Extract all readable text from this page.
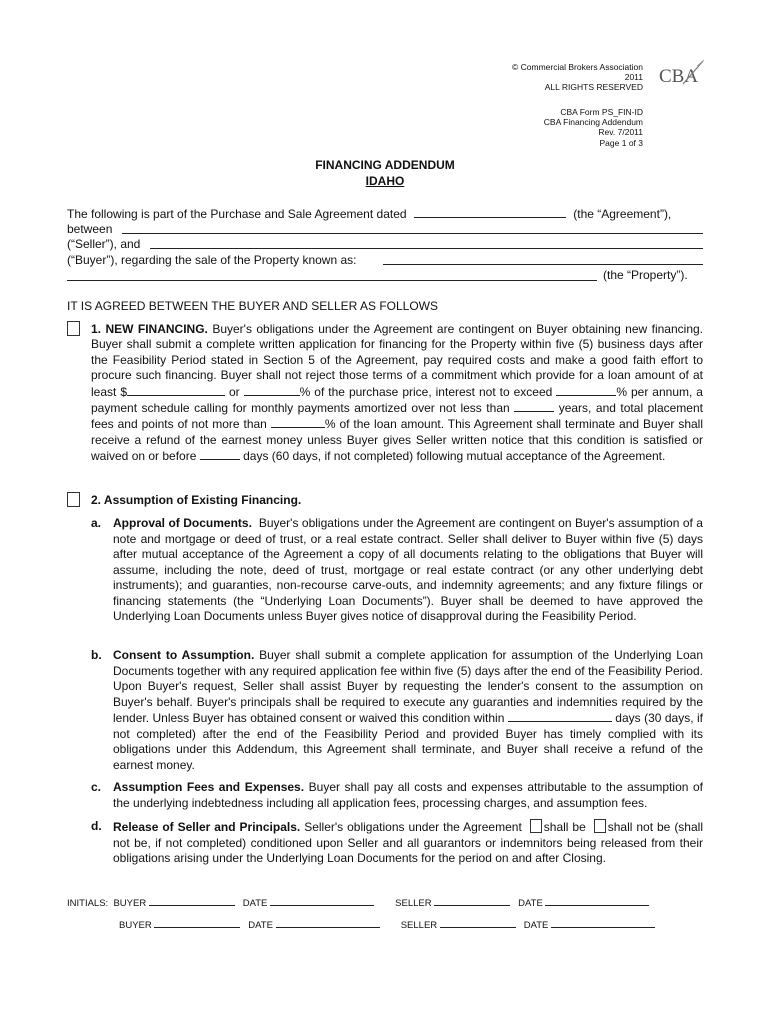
© Commercial Brokers Association
2011
ALL RIGHTS RESERVED
CBA Form PS_FIN-ID
CBA Financing Addendum
Rev. 7/2011
Page 1 of 3
CBA
FINANCING ADDENDUM
IDAHO
The following is part of the Purchase and Sale Agreement dated	(the “Agreement”),
between
(“Seller”), and
(“Buyer”), regarding the sale of the Property known as:
(the “Property”).
IT IS AGREED BETWEEN THE BUYER AND SELLER AS FOLLOWS
1. NEW FINANCING. Buyer's obligations under the Agreement are contingent on Buyer obtaining new financing. Buyer shall submit a complete written application for financing for the Property within five (5) business days after the Feasibility Period stated in Section 5 of the Agreement, pay required costs and make a good faith effort to procure such financing. Buyer shall not reject those terms of a commitment which provide for a loan amount of at least $	or	% of the purchase price, interest not to exceed	% per annum, a payment schedule calling for monthly payments amortized over not less than	years, and total placement fees and points of not more than	% of the loan amount. This Agreement shall terminate and Buyer shall receive a refund of the earnest money unless Buyer gives Seller written notice that this condition is satisfied or waived on or before	days (60 days, if not completed) following mutual acceptance of the Agreement.
2. Assumption of Existing Financing.
a. Approval of Documents. Buyer's obligations under the Agreement are contingent on Buyer's assumption of a note and mortgage or deed of trust, or a real estate contract. Seller shall deliver to Buyer within five (5) days after mutual acceptance of the Agreement a copy of all documents relating to the obligations that Buyer will assume, including the note, deed of trust, mortgage or real estate contract (or any other underlying debt instruments); and guaranties, non-recourse carve-outs, and indemnity agreements; and any fixture filings or financing statements (the “Underlying Loan Documents”). Buyer shall be deemed to have approved the Underlying Loan Documents unless Buyer gives notice of disapproval during the Feasibility Period.
b. Consent to Assumption. Buyer shall submit a complete application for assumption of the Underlying Loan Documents together with any required application fee within five (5) days after the end of the Feasibility Period. Upon Buyer's request, Seller shall assist Buyer by requesting the lender's consent to the assumption on Buyer's behalf. Buyer's principals shall be required to execute any guaranties and indemnities required by the lender. Unless Buyer has obtained consent or waived this condition within	days (30 days, if not completed) after the end of the Feasibility Period and provided Buyer has timely complied with its obligations under this Addendum, this Agreement shall terminate, and Buyer shall receive a refund of the earnest money.
c. Assumption Fees and Expenses. Buyer shall pay all costs and expenses attributable to the assumption of the underlying indebtedness including all application fees, processing charges, and assumption fees.
d. Release of Seller and Principals. Seller's obligations under the Agreement shall be shall not be (shall not be, if not completed) conditioned upon Seller and all guarantors or indemnitors being released from their obligations arising under the Underlying Loan Documents for the period on and after Closing.
INITIALS: BUYER	DATE	SELLER	DATE
BUYER	DATE	SELLER	DATE
